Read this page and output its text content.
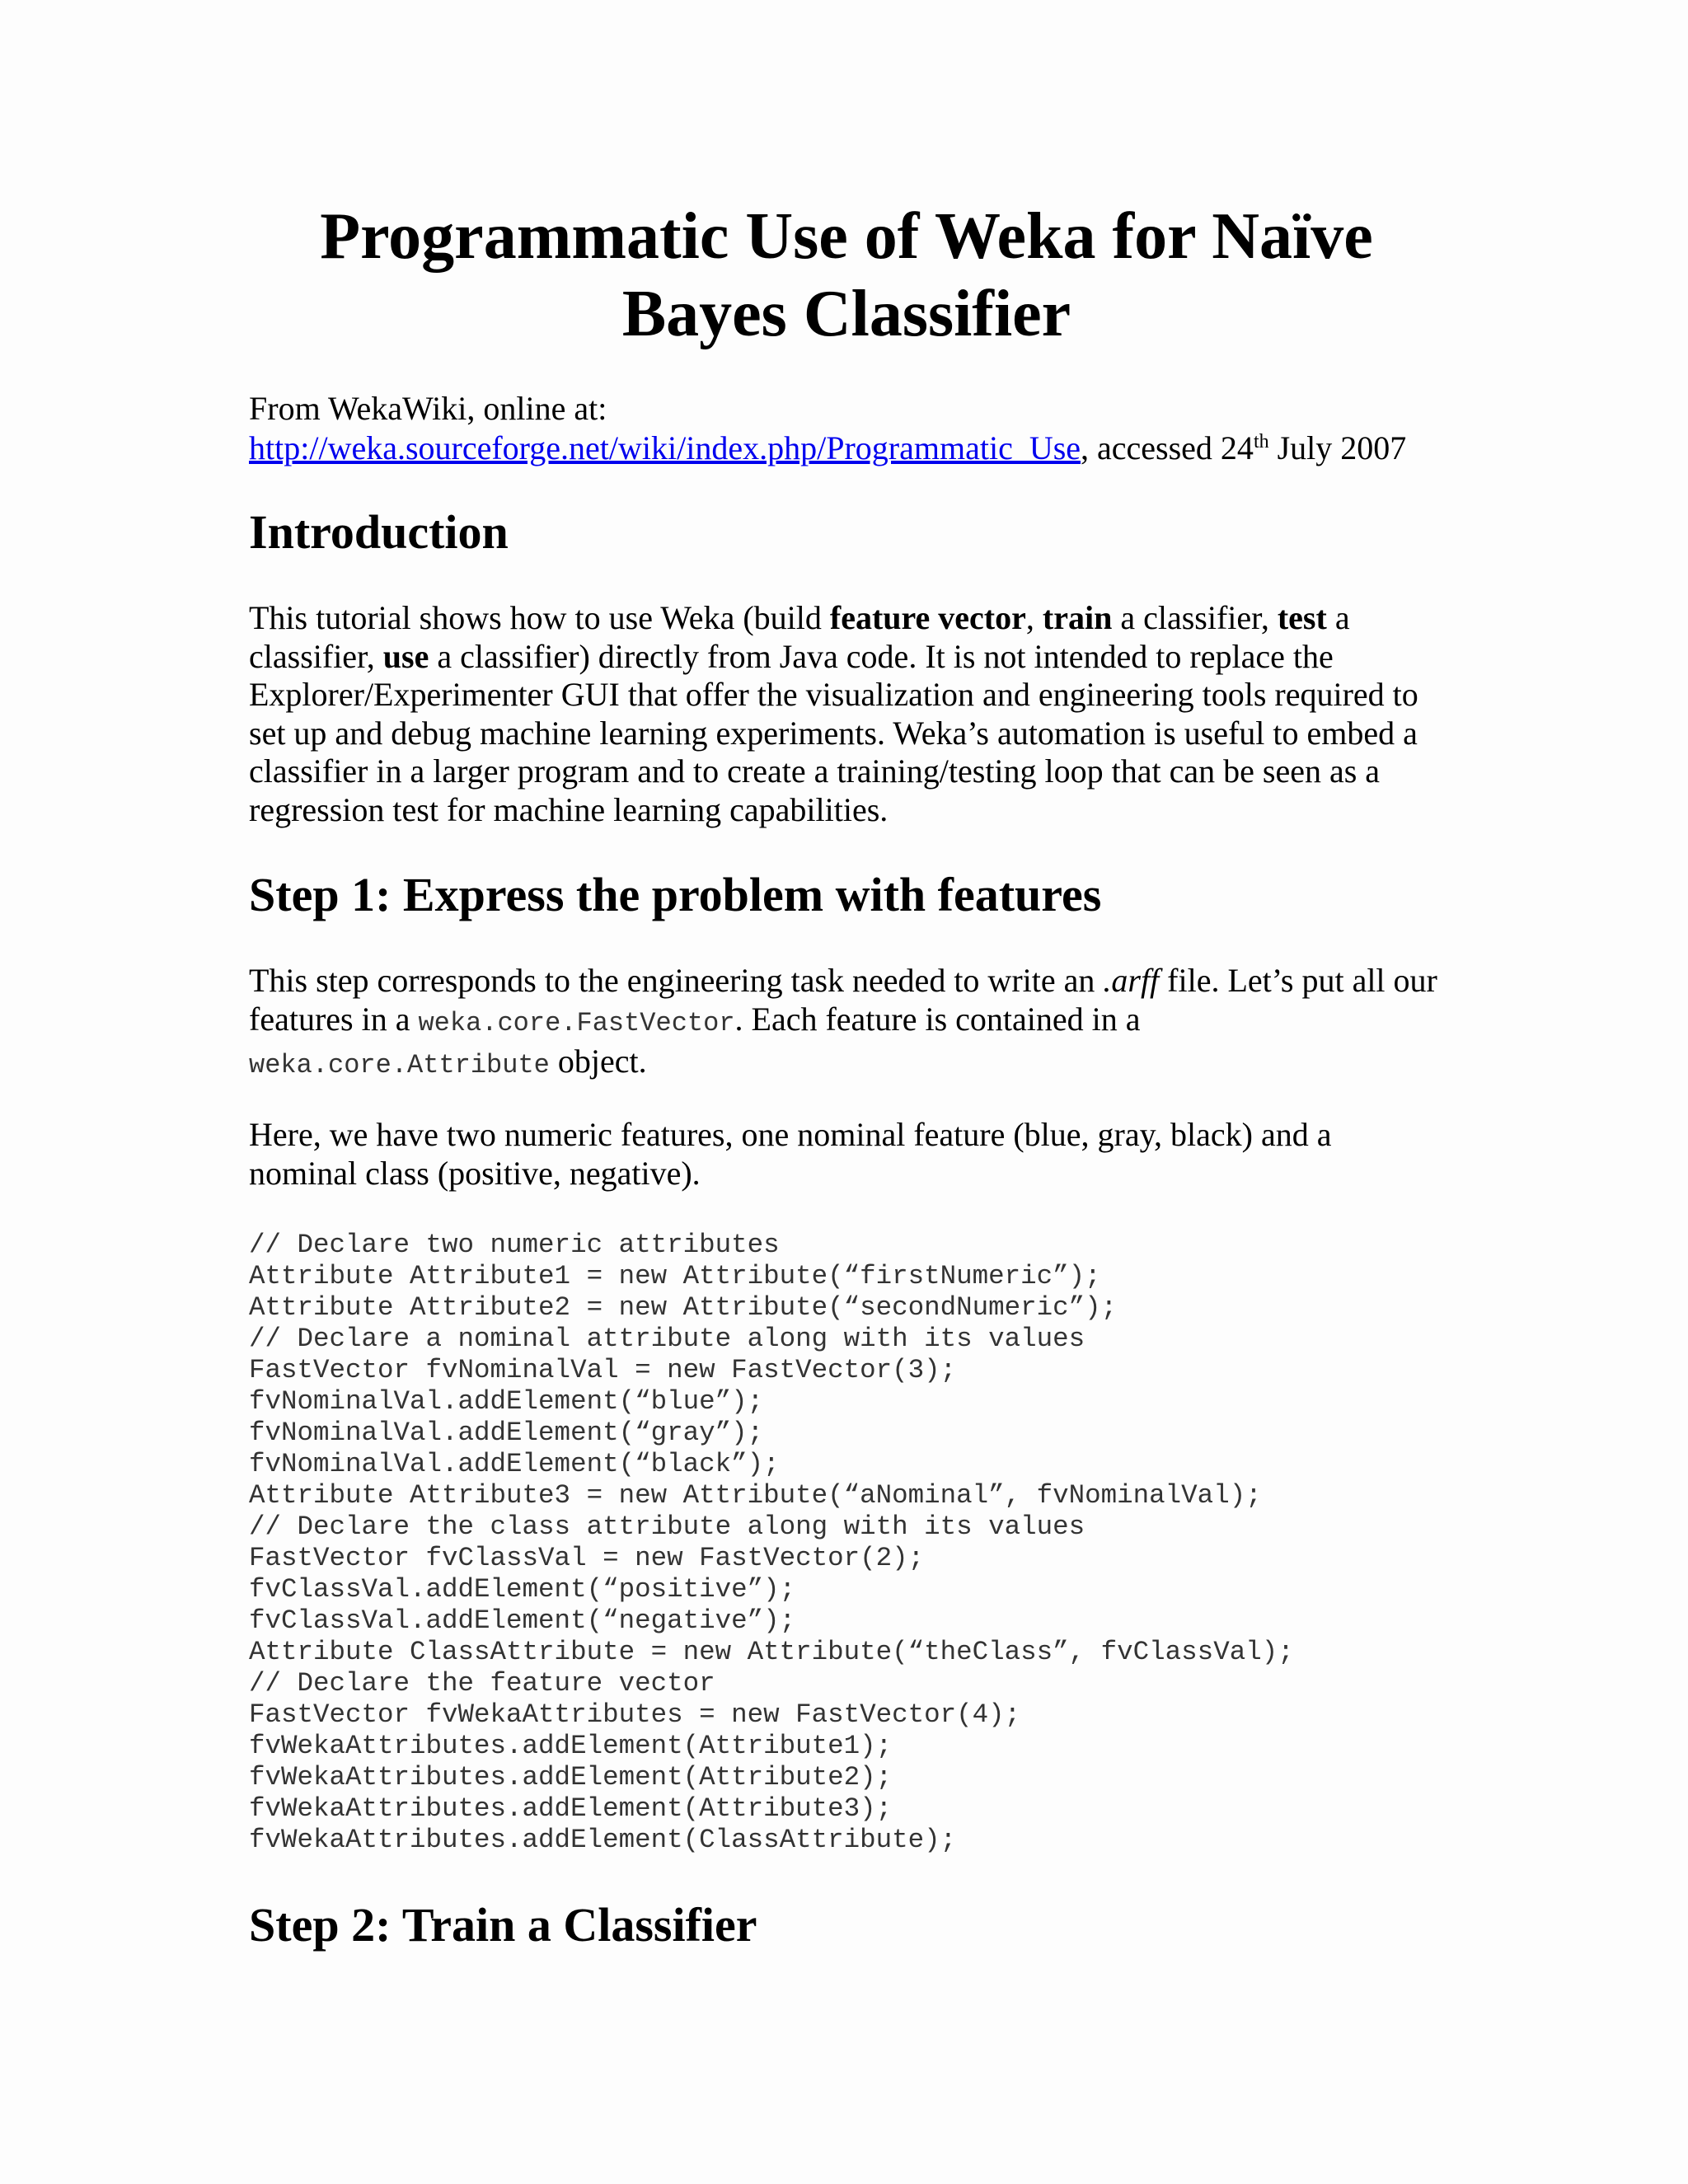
Programmatic Use of Weka for Naïve
Bayes Classifier

From WekaWiki, online at:
http://weka.sourceforge.net/wiki/index.php/Programmatic_Use, accessed 24th July 2007

Introduction

This tutorial shows how to use Weka (build feature vector, train a classifier, test a classifier, use a classifier) directly from Java code. It is not intended to replace the Explorer/Experimenter GUI that offer the visualization and engineering tools required to set up and debug machine learning experiments. Weka’s automation is useful to embed a classifier in a larger program and to create a training/testing loop that can be seen as a regression test for machine learning capabilities.

Step 1: Express the problem with features

This step corresponds to the engineering task needed to write an .arff file. Let’s put all our features in a weka.core.FastVector. Each feature is contained in a
weka.core.Attribute object.

Here, we have two numeric features, one nominal feature (blue, gray, black) and a nominal class (positive, negative).

// Declare two numeric attributes
Attribute Attribute1 = new Attribute(“firstNumeric”);
Attribute Attribute2 = new Attribute(“secondNumeric”);
// Declare a nominal attribute along with its values
FastVector fvNominalVal = new FastVector(3);
fvNominalVal.addElement(“blue”);
fvNominalVal.addElement(“gray”);
fvNominalVal.addElement(“black”);
Attribute Attribute3 = new Attribute(“aNominal”, fvNominalVal);
// Declare the class attribute along with its values
FastVector fvClassVal = new FastVector(2);
fvClassVal.addElement(“positive”);
fvClassVal.addElement(“negative”);
Attribute ClassAttribute = new Attribute(“theClass”, fvClassVal);
// Declare the feature vector
FastVector fvWekaAttributes = new FastVector(4);
fvWekaAttributes.addElement(Attribute1);
fvWekaAttributes.addElement(Attribute2);
fvWekaAttributes.addElement(Attribute3);
fvWekaAttributes.addElement(ClassAttribute);
Step 2: Train a Classifier
